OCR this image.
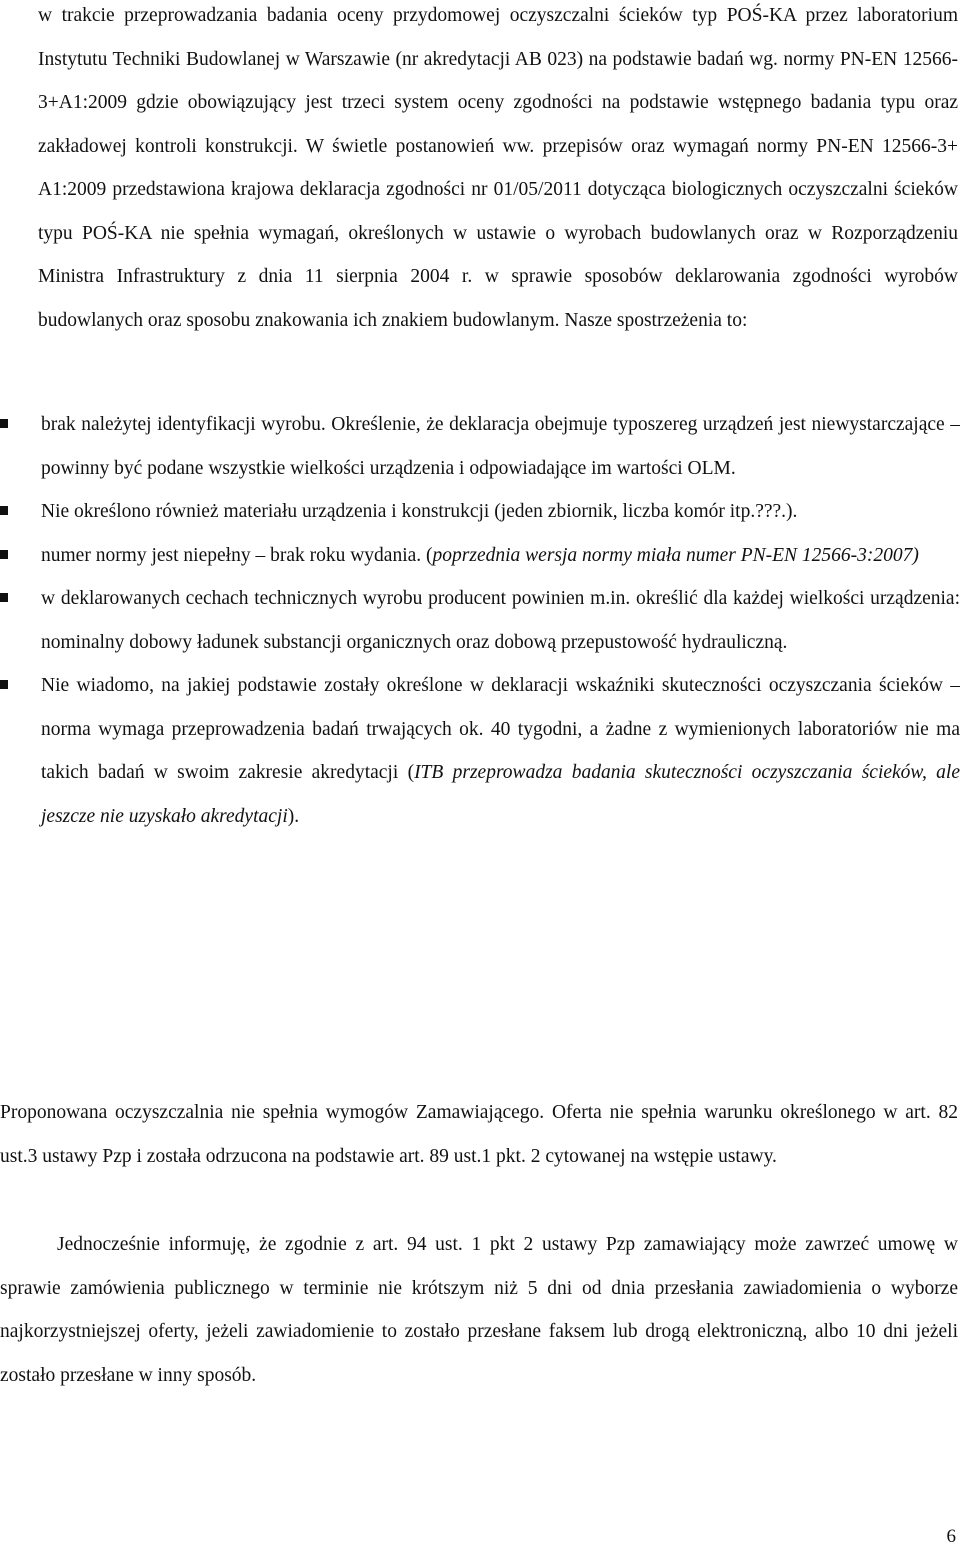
w trakcie przeprowadzania badania oceny przydomowej oczyszczalni ścieków typ POŚ-KA przez laboratorium Instytutu Techniki Budowlanej w Warszawie (nr akredytacji AB 023) na podstawie badań wg. normy PN-EN 12566-3+A1:2009 gdzie obowiązujący jest trzeci system oceny zgodności na podstawie wstępnego badania typu oraz zakładowej kontroli konstrukcji. W świetle postanowień ww. przepisów oraz wymagań normy PN-EN 12566-3+ A1:2009 przedstawiona krajowa deklaracja zgodności nr 01/05/2011 dotycząca biologicznych oczyszczalni ścieków typu POŚ-KA nie spełnia wymagań, określonych w ustawie o wyrobach budowlanych oraz w Rozporządzeniu Ministra Infrastruktury z dnia 11 sierpnia 2004 r. w sprawie sposobów deklarowania zgodności wyrobów budowlanych oraz sposobu znakowania ich znakiem budowlanym. Nasze spostrzeżenia to:

brak należytej identyfikacji wyrobu. Określenie, że deklaracja obejmuje typoszereg urządzeń jest niewystarczające – powinny być podane wszystkie wielkości urządzenia i odpowiadające im wartości OLM.
Nie określono również materiału urządzenia i konstrukcji (jeden zbiornik, liczba komór itp.???.).
numer normy jest niepełny – brak roku wydania. (poprzednia wersja normy miała numer PN-EN 12566-3:2007)
w deklarowanych cechach technicznych wyrobu producent powinien m.in. określić dla każdej wielkości urządzenia: nominalny dobowy ładunek substancji organicznych oraz dobową przepustowość hydrauliczną.
Nie wiadomo, na jakiej podstawie zostały określone w deklaracji wskaźniki skuteczności oczyszczania ścieków – norma wymaga przeprowadzenia badań trwających ok. 40 tygodni, a żadne z wymienionych laboratoriów nie ma takich badań w swoim zakresie akredytacji (ITB przeprowadza badania skuteczności oczyszczania ścieków, ale jeszcze nie uzyskało akredytacji).

Proponowana oczyszczalnia nie spełnia wymogów Zamawiającego. Oferta nie spełnia warunku określonego w art. 82 ust.3 ustawy Pzp i została odrzucona na podstawie art. 89 ust.1 pkt. 2 cytowanej na wstępie ustawy.

Jednocześnie informuję, że zgodnie z art. 94 ust. 1 pkt 2 ustawy Pzp zamawiający może zawrzeć umowę w sprawie zamówienia publicznego w terminie nie krótszym niż 5 dni od dnia przesłania zawiadomienia o wyborze najkorzystniejszej oferty, jeżeli zawiadomienie to zostało przesłane faksem lub drogą elektroniczną, albo 10 dni jeżeli zostało przesłane w inny sposób.

6
